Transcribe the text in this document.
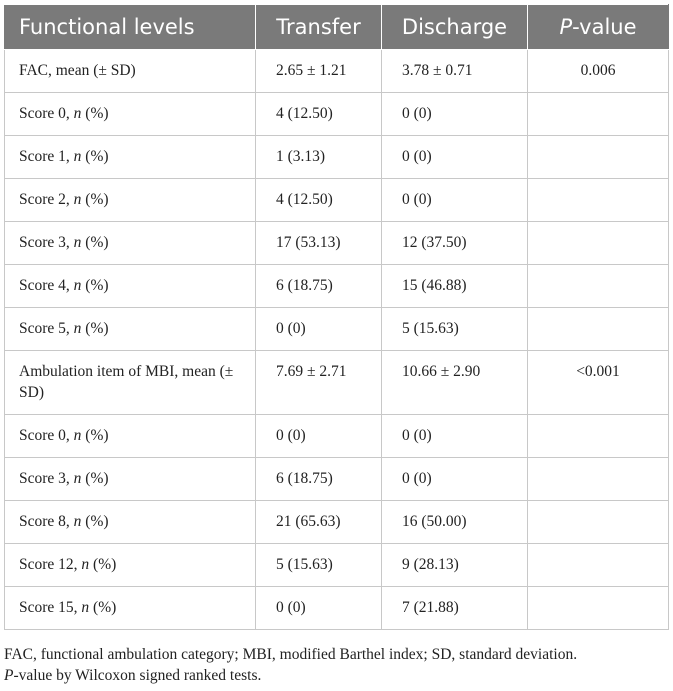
Functional levels	Transfer	Discharge	P-value

FAC, mean (± SD)	2.65 ± 1.21	3.78 ± 0.71	0.006

Score 0, n (%)	4 (12.50)	0 (0)	

Score 1, n (%)	1 (3.13)	0 (0)	

Score 2, n (%)	4 (12.50)	0 (0)	

Score 3, n (%)	17 (53.13)	12 (37.50)	

Score 4, n (%)	6 (18.75)	15 (46.88)	

Score 5, n (%)	0 (0)	5 (15.63)	

Ambulation item of MBI, mean (± SD)	7.69 ± 2.71	10.66 ± 2.90	<0.001

Score 0, n (%)	0 (0)	0 (0)	

Score 3, n (%)	6 (18.75)	0 (0)	

Score 8, n (%)	21 (65.63)	16 (50.00)	

Score 12, n (%)	5 (15.63)	9 (28.13)	

Score 15, n (%)	0 (0)	7 (21.88)	

FAC, functional ambulation category; MBI, modified Barthel index; SD, standard deviation.
P-value by Wilcoxon signed ranked tests.
